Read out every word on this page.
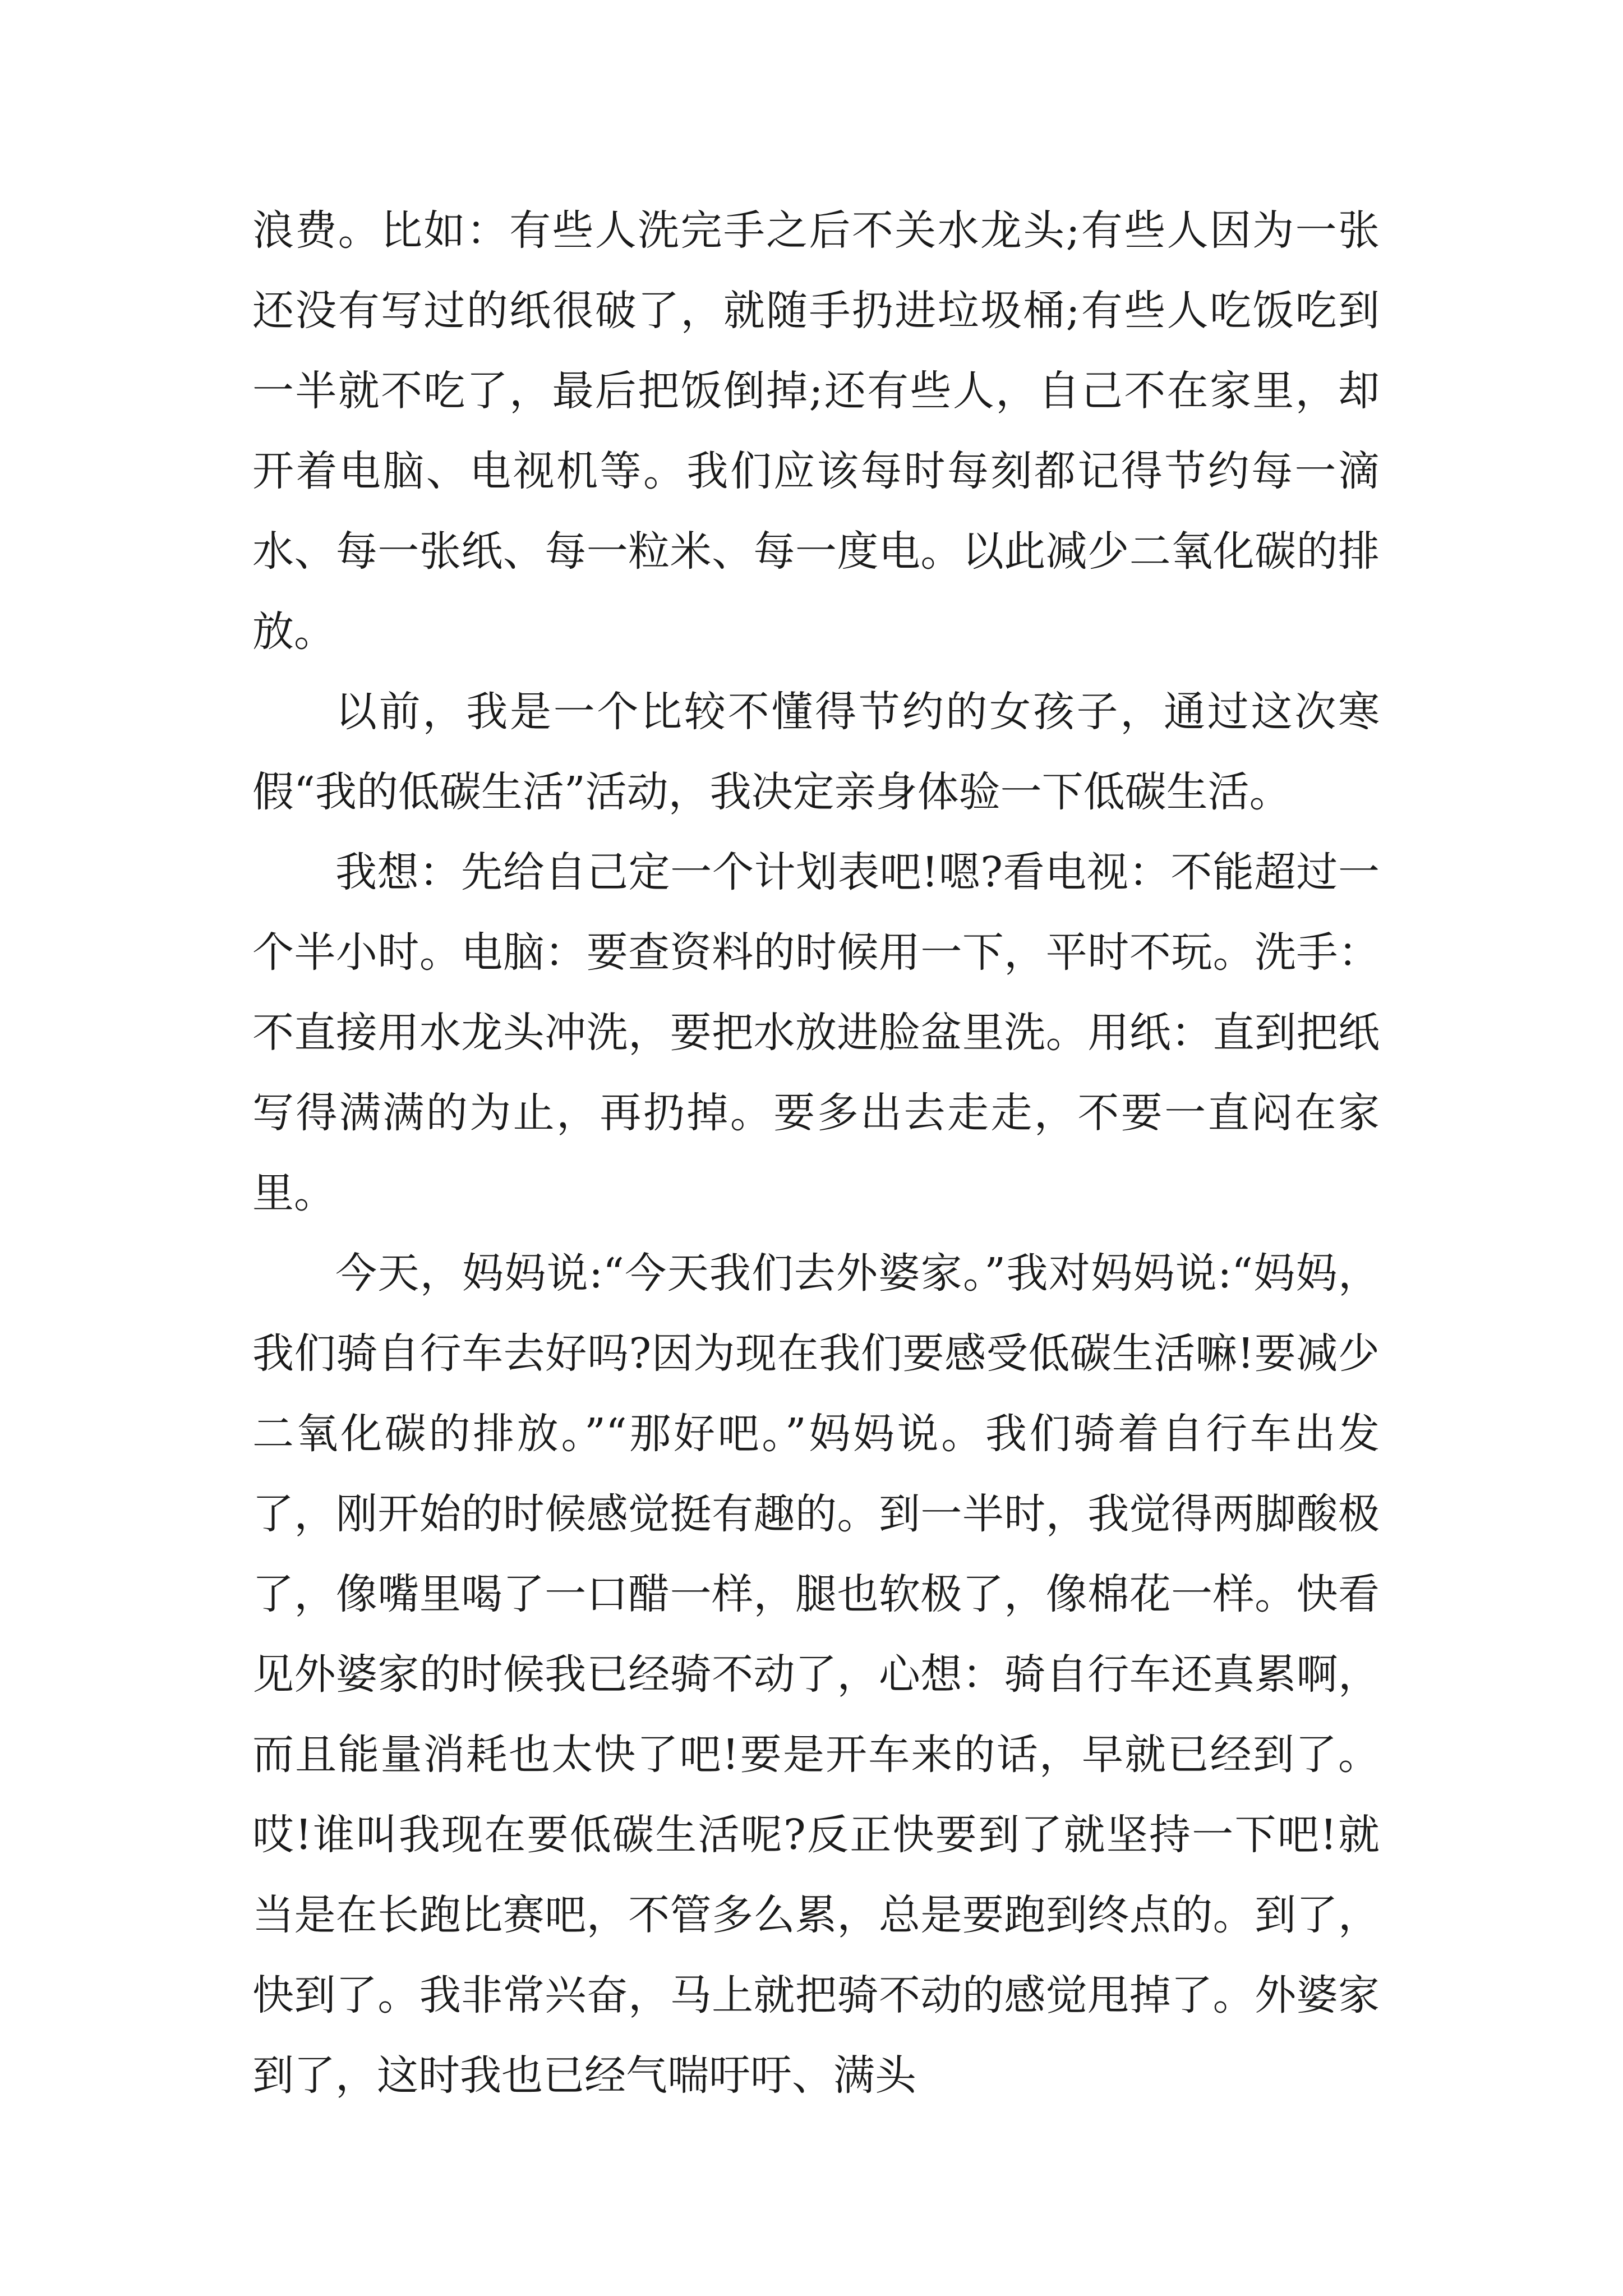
浪费。比如：有些人洗完手之后不关水龙头;有些人因为一张还没有写过的纸很破了，就随手扔进垃圾桶;有些人吃饭吃到一半就不吃了，最后把饭倒掉;还有些人，自己不在家里，却开着电脑、电视机等。我们应该每时每刻都记得节约每一滴水、每一张纸、每一粒米、每一度电。以此减少二氧化碳的排放。

以前，我是一个比较不懂得节约的女孩子，通过这次寒假“我的低碳生活”活动，我决定亲身体验一下低碳生活。

我想：先给自己定一个计划表吧!嗯?看电视：不能超过一个半小时。电脑：要查资料的时候用一下，平时不玩。洗手：不直接用水龙头冲洗，要把水放进脸盆里洗。用纸：直到把纸写得满满的为止，再扔掉。要多出去走走，不要一直闷在家里。

今天，妈妈说:“今天我们去外婆家。”我对妈妈说:“妈妈，我们骑自行车去好吗?因为现在我们要感受低碳生活嘛!要减少二氧化碳的排放。”“那好吧。”妈妈说。我们骑着自行车出发了，刚开始的时候感觉挺有趣的。到一半时，我觉得两脚酸极了，像嘴里喝了一口醋一样，腿也软极了，像棉花一样。快看见外婆家的时候我已经骑不动了，心想：骑自行车还真累啊，而且能量消耗也太快了吧!要是开车来的话，早就已经到了。哎!谁叫我现在要低碳生活呢?反正快要到了就坚持一下吧!就当是在长跑比赛吧，不管多么累，总是要跑到终点的。到了，快到了。我非常兴奋，马上就把骑不动的感觉甩掉了。外婆家到了，这时我也已经气喘吁吁、满头
